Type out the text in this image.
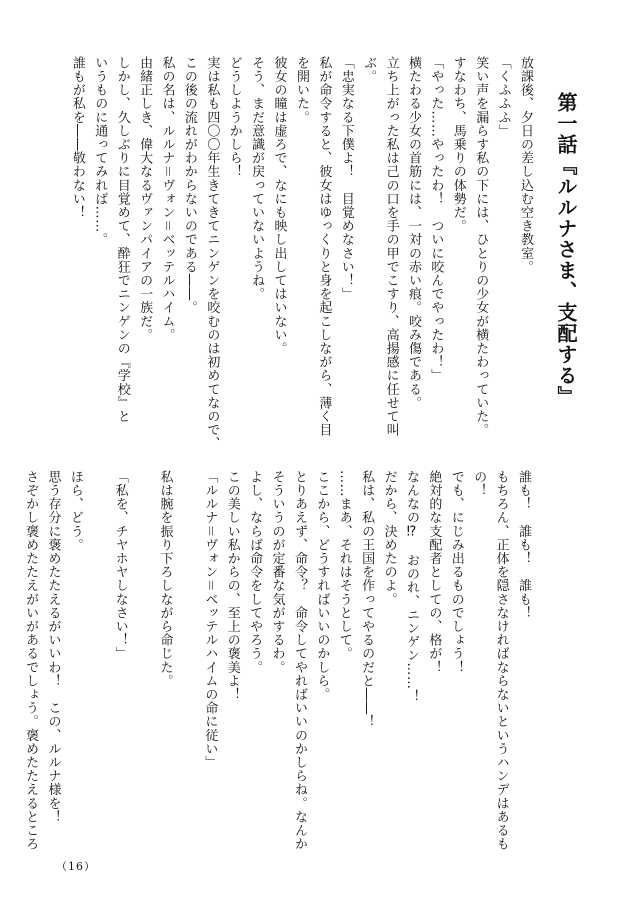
第一話『ルルナさま、支配する』
放課後、夕日の差し込む空き教室。
「くふふふ」
笑い声を漏らす私の下には、ひとりの少女が横たわっていた。
すなわち、馬乗りの体勢だ。
「やった……やったわ！　ついに咬んでやったわ！」
横たわる少女の首筋には、一対の赤い痕。咬み傷である。
立ち上がった私は己の口を手の甲でこすり、高揚感に任せて叫
ぶ。
「忠実なる下僕よ！　目覚めなさい！」
私が命令すると、彼女はゆっくりと身を起こしながら、薄く目
を開いた。
彼女の瞳は虚ろで、なにも映し出してはいない。
そう、まだ意識が戻っていないようね。
どうしようかしら！
実は私も四〇〇年生きてきてニンゲンを咬むのは初めてなので、
この後の流れがわからないのである――。
私の名は、ルルナ＝ヴォン＝ベッテルハイム。
由緒正しき、偉大なるヴァンパイアの一族だ。
しかし、久しぶりに目覚めて、酔狂でニンゲンの『学校』と
いうものに通ってみれば……。
誰もが私を――敬わない！
誰も！　誰も！　誰も！
もちろん、正体を隠さなければならないというハンデはあるも
の！
でも、にじみ出るものでしょう！
絶対的な支配者としての、格が！
なんなの⁉　おのれ、ニンゲン……！
だから、決めたのよ。
私は、私の王国を作ってやるのだと――！
……まあ、それはそうとして。
ここから、どうすればいいのかしら。
とりあえず、命令？　命令してやればいいのかしらね。なんか
そういうのが定番な気がするわ。
よし、ならば命令をしてやろう。
この美しい私からの、至上の褒美よ！
「ルルナ＝ヴォン＝ベッテルハイムの命に従い」
私は腕を振り下ろしながら命じた。
「私を、チヤホヤしなさい！」
ほら、どう。
思う存分に褒めたたえるがいいわ！　この、ルルナ様を！
さぞかし褒めたたえがいがあるでしょう。褒めたたえるところ
（16）
